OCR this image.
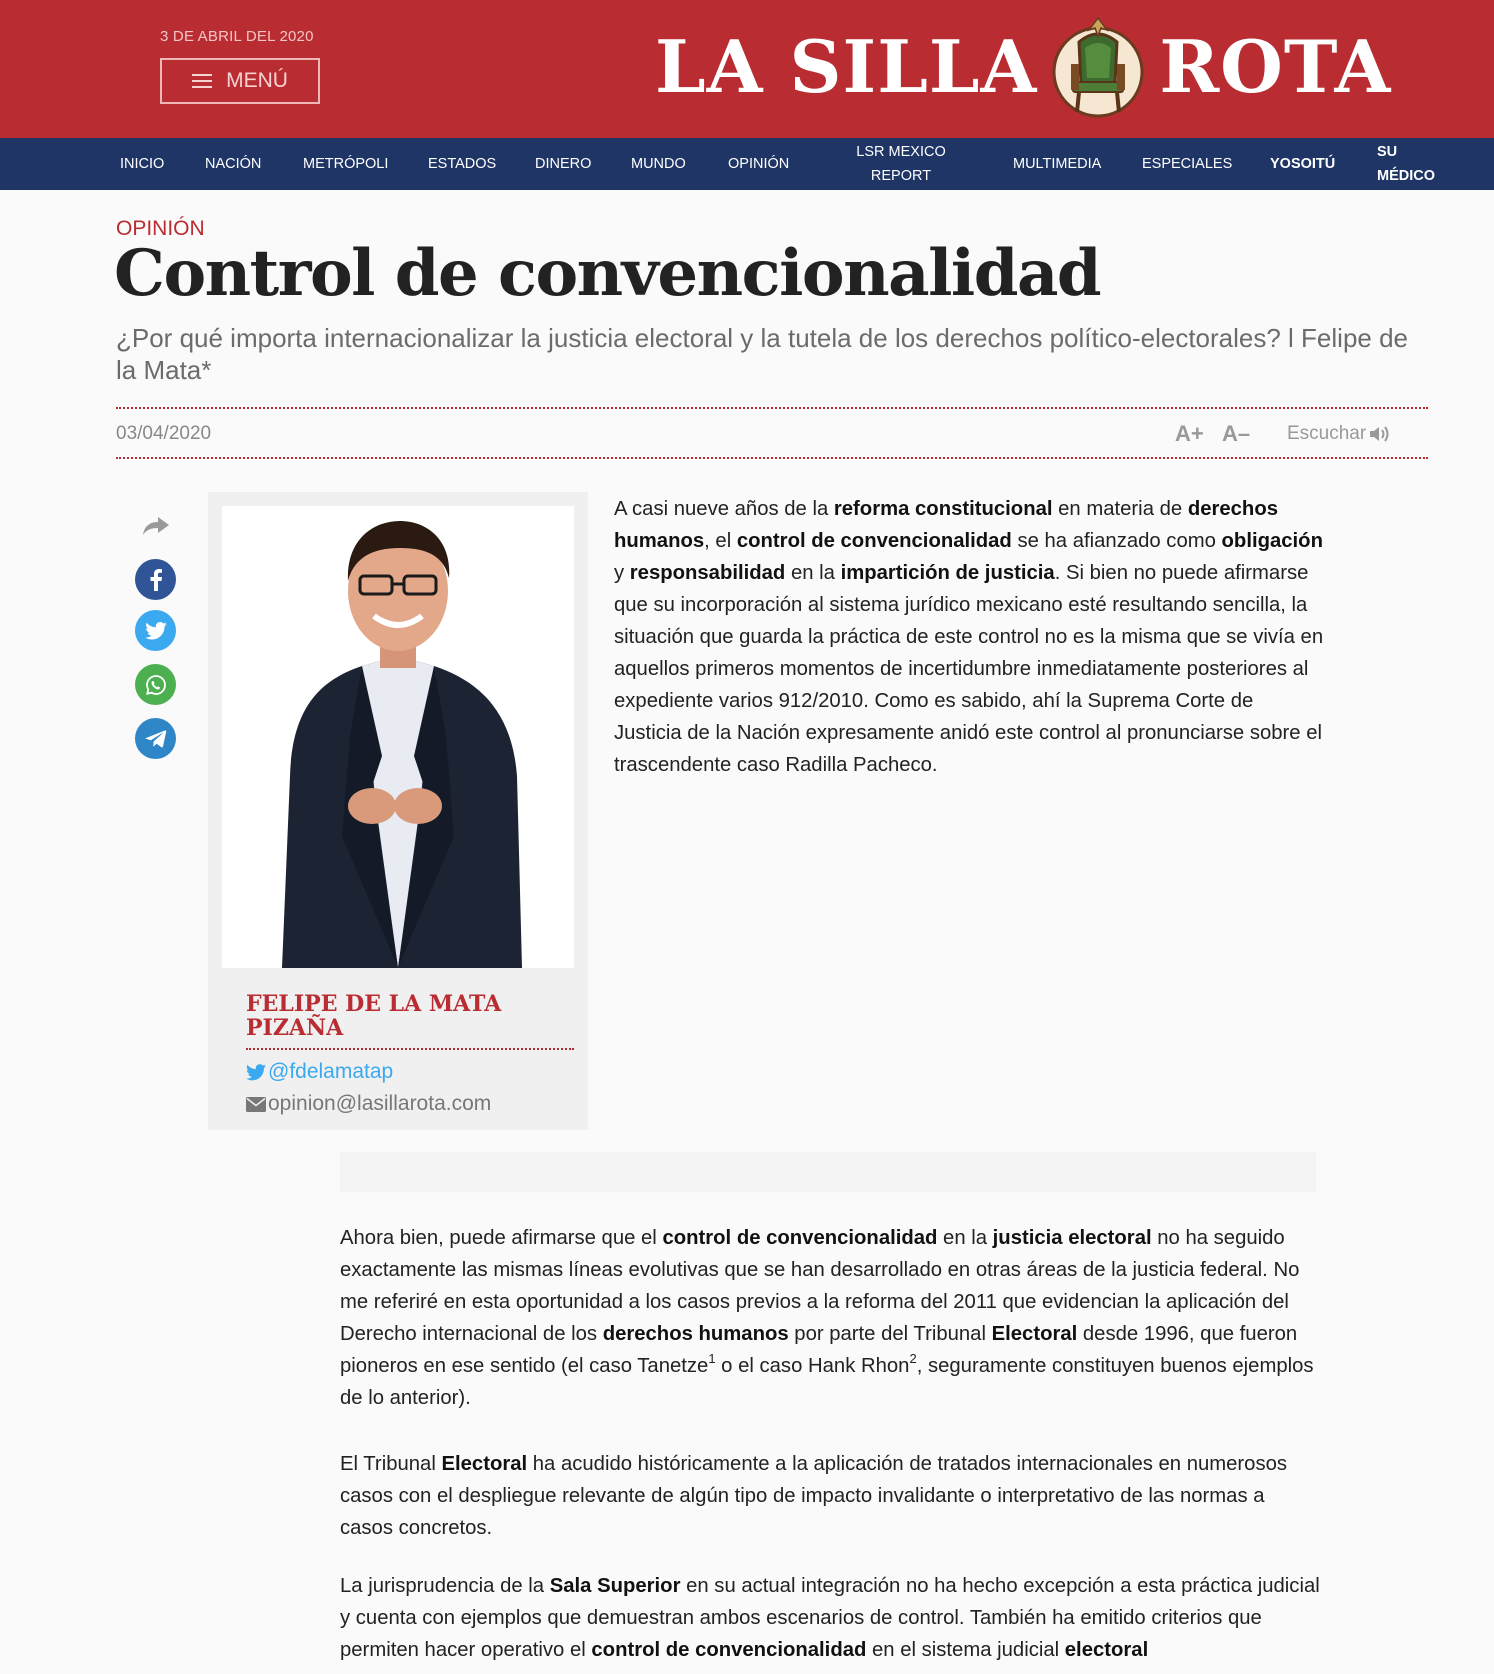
3 DE ABRIL DEL 2020
MENÚ	LA SILLA ROTA
INICIO	NACIÓN	METRÓPOLI	ESTADOS	DINERO	MUNDO	OPINIÓN
LSR MEXICO
REPORT
MULTIMEDIA	ESPECIALES	YOSOITÚ
SU
MÉDICO
OPINIÓN
Control de convencionalidad
¿Por qué importa internacionalizar la justicia electoral y la tutela de los derechos político-electorales? l Felipe de la Mata*
03/04/2020	A+ A– Escuchar
FELIPE DE LA MATA PIZAÑA
@fdelamatap
opinion@lasillarota.com

A casi nueve años de la reforma constitucional en materia de derechos humanos, el control de convencionalidad se ha afianzado como obligación y responsabilidad en la impartición de justicia. Si bien no puede afirmarse que su incorporación al sistema jurídico mexicano esté resultando sencilla, la situación que guarda la práctica de este control no es la misma que se vivía en aquellos primeros momentos de incertidumbre inmediatamente posteriores al expediente varios 912/2010. Como es sabido, ahí la Suprema Corte de Justicia de la Nación expresamente anidó este control al pronunciarse sobre el trascendente caso Radilla Pacheco.

Ahora bien, puede afirmarse que el control de convencionalidad en la justicia electoral no ha seguido exactamente las mismas líneas evolutivas que se han desarrollado en otras áreas de la justicia federal. No me referiré en esta oportunidad a los casos previos a la reforma del 2011 que evidencian la aplicación del Derecho internacional de los derechos humanos por parte del Tribunal Electoral desde 1996, que fueron pioneros en ese sentido (el caso Tanetze$^1$ o el caso Hank Rhon$^2$, seguramente constituyen buenos ejemplos de lo anterior).

El Tribunal Electoral ha acudido históricamente a la aplicación de tratados internacionales en numerosos casos con el despliegue relevante de algún tipo de impacto invalidante o interpretativo de las normas a casos concretos.

La jurisprudencia de la Sala Superior en su actual integración no ha hecho excepción a esta práctica judicial y cuenta con ejemplos que demuestran ambos escenarios de control. También ha emitido criterios que permiten hacer operativo el control de convencionalidad en el sistema judicial electoral
